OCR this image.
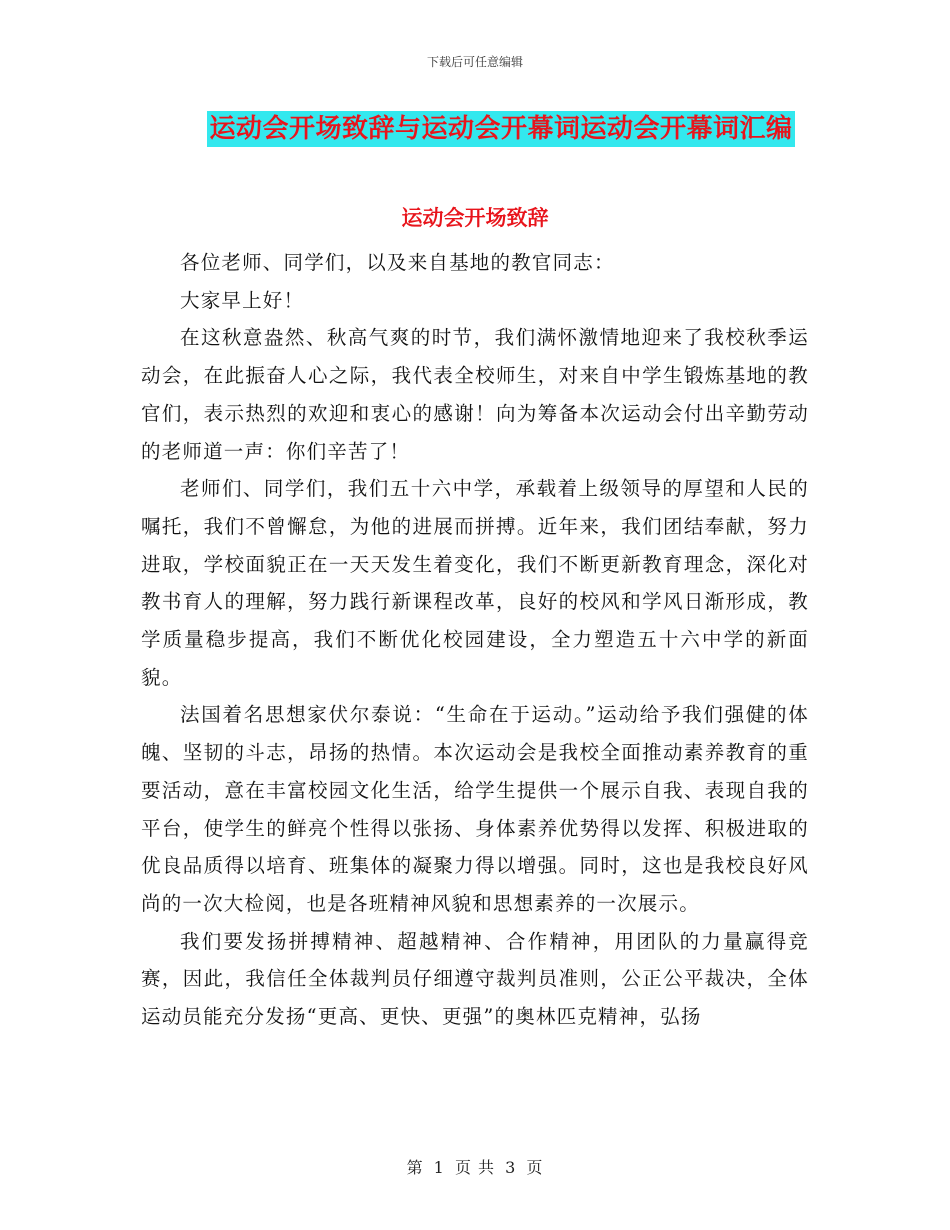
下载后可任意编辑
运动会开场致辞与运动会开幕词运动会开幕词汇编
运动会开场致辞

各位老师、同学们，以及来自基地的教官同志：

大家早上好！

在这秋意盎然、秋高气爽的时节，我们满怀激情地迎来了我校秋季运动会，在此振奋人心之际，我代表全校师生，对来自中学生锻炼基地的教官们，表示热烈的欢迎和衷心的感谢！向为筹备本次运动会付出辛勤劳动的老师道一声：你们辛苦了！

老师们、同学们，我们五十六中学，承载着上级领导的厚望和人民的嘱托，我们不曾懈怠，为他的进展而拼搏。近年来，我们团结奉献，努力进取，学校面貌正在一天天发生着变化，我们不断更新教育理念，深化对教书育人的理解，努力践行新课程改革，良好的校风和学风日渐形成，教学质量稳步提高，我们不断优化校园建设，全力塑造五十六中学的新面貌。

法国着名思想家伏尔泰说：“生命在于运动。”运动给予我们强健的体魄、坚韧的斗志，昂扬的热情。本次运动会是我校全面推动素养教育的重要活动，意在丰富校园文化生活，给学生提供一个展示自我、表现自我的平台，使学生的鲜亮个性得以张扬、身体素养优势得以发挥、积极进取的优良品质得以培育、班集体的凝聚力得以增强。同时，这也是我校良好风尚的一次大检阅，也是各班精神风貌和思想素养的一次展示。

我们要发扬拼搏精神、超越精神、合作精神，用团队的力量赢得竞赛，因此，我信任全体裁判员仔细遵守裁判员准则，公正公平裁决，全体运动员能充分发扬“更高、更快、更强”的奥林匹克精神，弘扬

第 1 页 共 3 页
